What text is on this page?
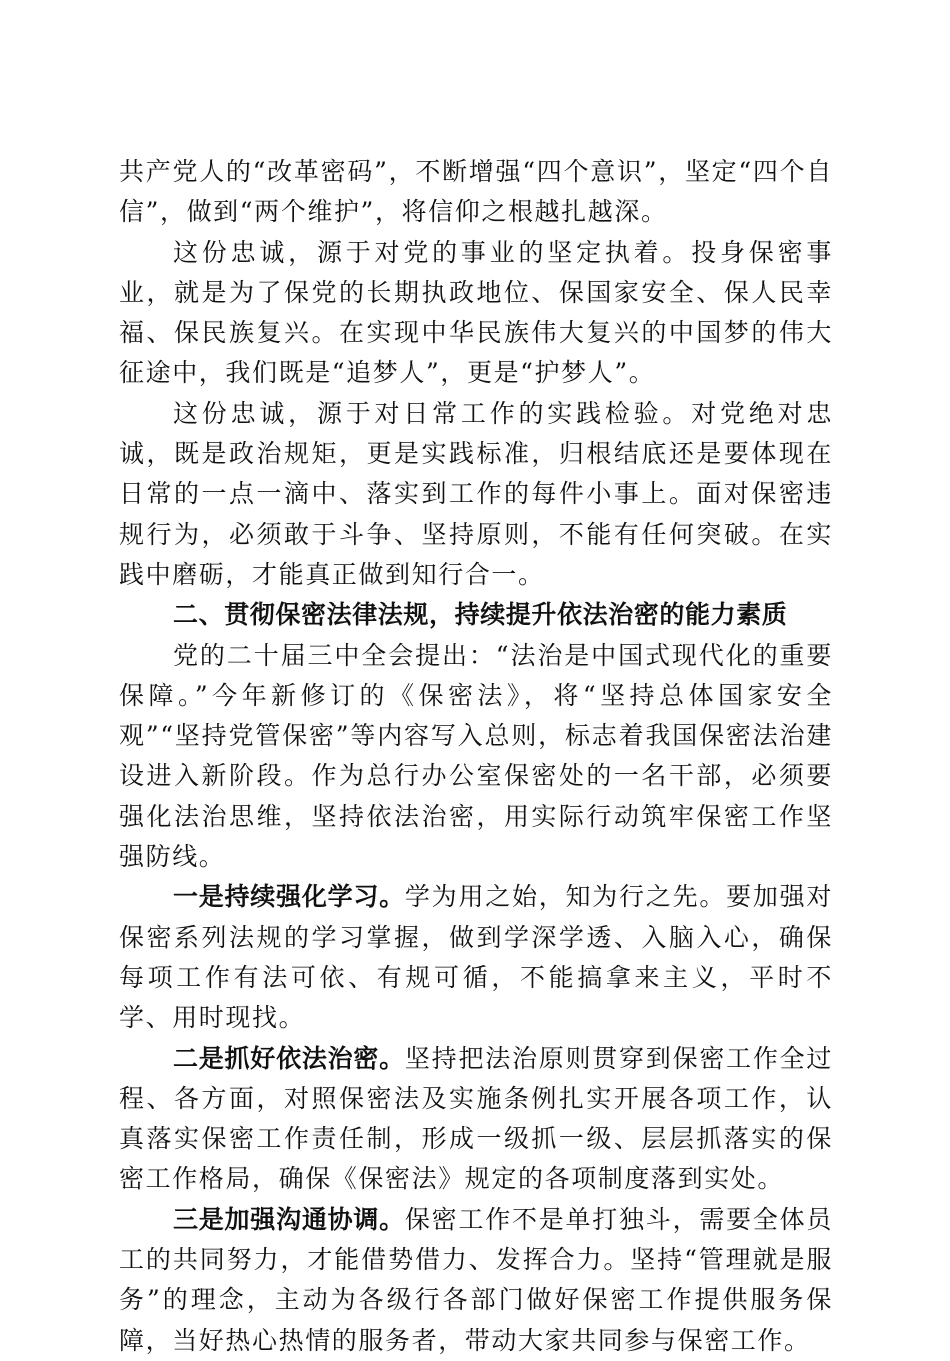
共产党人的“改革密码”，不断增强“四个意识”，坚定“四个自信”，做到“两个维护”，将信仰之根越扎越深。

这份忠诚，源于对党的事业的坚定执着。投身保密事业，就是为了保党的长期执政地位、保国家安全、保人民幸福、保民族复兴。在实现中华民族伟大复兴的中国梦的伟大征途中，我们既是“追梦人”，更是“护梦人”。

这份忠诚，源于对日常工作的实践检验。对党绝对忠诚，既是政治规矩，更是实践标准，归根结底还是要体现在日常的一点一滴中、落实到工作的每件小事上。面对保密违规行为，必须敢于斗争、坚持原则，不能有任何突破。在实践中磨砺，才能真正做到知行合一。

二、贯彻保密法律法规，持续提升依法治密的能力素质

党的二十届三中全会提出：“法治是中国式现代化的重要保障。”今年新修订的《保密法》，将“坚持总体国家安全观”“坚持党管保密”等内容写入总则，标志着我国保密法治建设进入新阶段。作为总行办公室保密处的一名干部，必须要强化法治思维，坚持依法治密，用实际行动筑牢保密工作坚强防线。

一是持续强化学习。学为用之始，知为行之先。要加强对保密系列法规的学习掌握，做到学深学透、入脑入心，确保每项工作有法可依、有规可循，不能搞拿来主义，平时不学、用时现找。

二是抓好依法治密。坚持把法治原则贯穿到保密工作全过程、各方面，对照保密法及实施条例扎实开展各项工作，认真落实保密工作责任制，形成一级抓一级、层层抓落实的保密工作格局，确保《保密法》规定的各项制度落到实处。

三是加强沟通协调。保密工作不是单打独斗，需要全体员工的共同努力，才能借势借力、发挥合力。坚持“管理就是服务”的理念，主动为各级行各部门做好保密工作提供服务保障，当好热心热情的服务者，带动大家共同参与保密工作。
